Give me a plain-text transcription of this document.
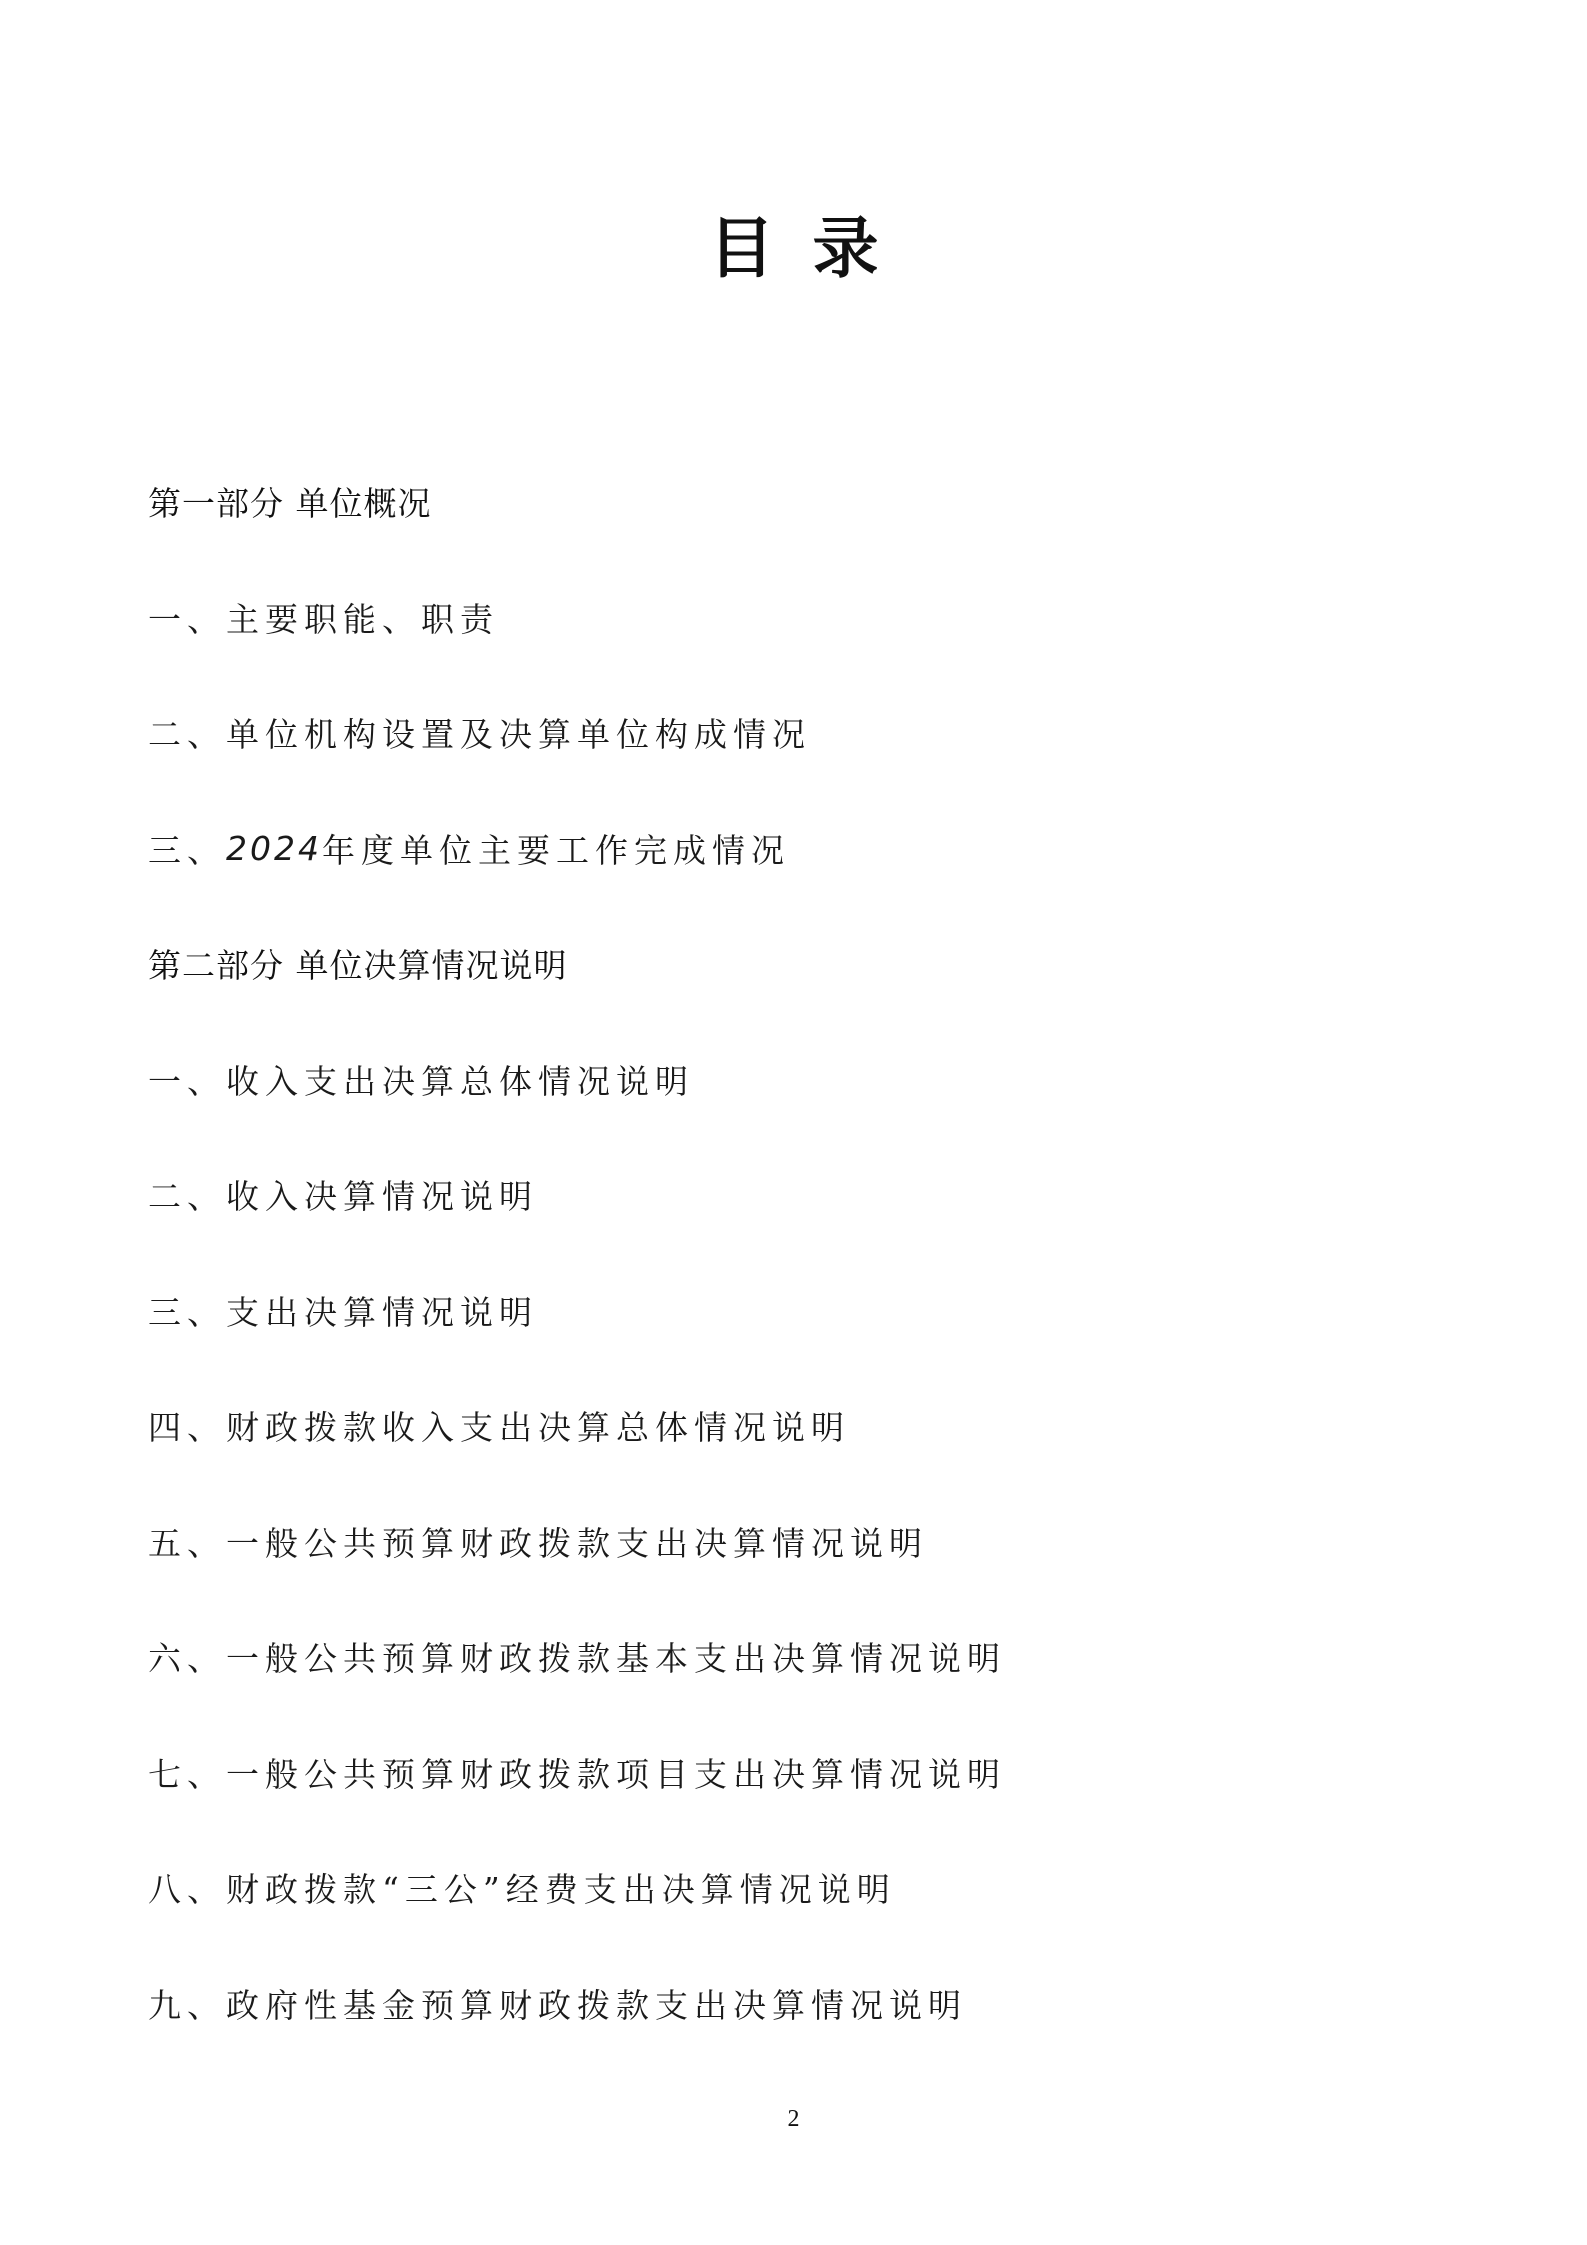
目录
第一部分 单位概况
一、主要职能、职责
二、单位机构设置及决算单位构成情况
三、 2024 年度单位主要工作完成情况
第二部分 单位决算情况说明
一、收入支出决算总体情况说明
二、收入决算情况说明
三、支出决算情况说明
四、财政拨款收入支出决算总体情况说明
五、一般公共预算财政拨款支出决算情况说明
六、一般公共预算财政拨款基本支出决算情况说明
七、一般公共预算财政拨款项目支出决算情况说明
八、财政拨款“三公”经费支出决算情况说明
九、政府性基金预算财政拨款支出决算情况说明
2
